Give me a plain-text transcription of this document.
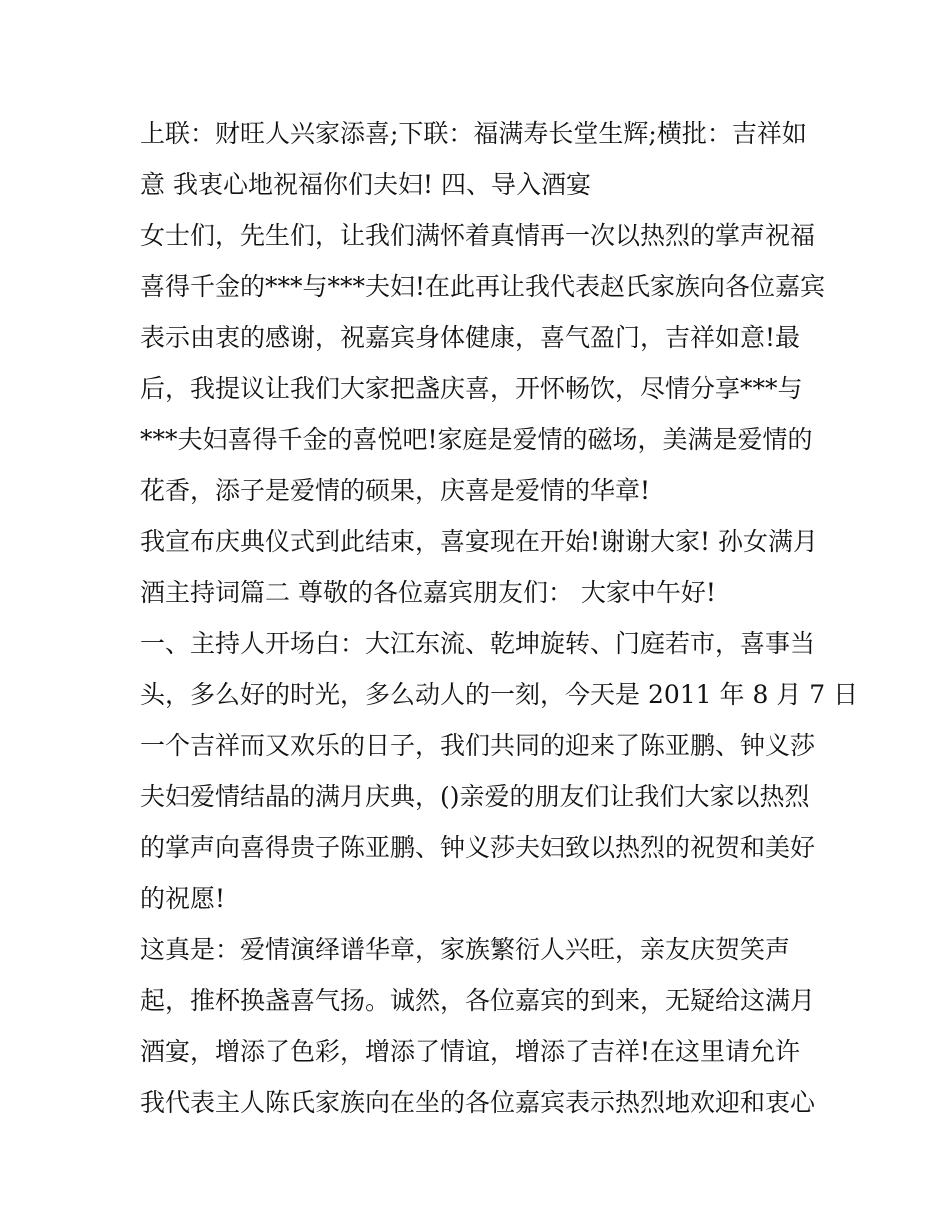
上联：财旺人兴家添喜;下联：福满寿长堂生辉;横批：吉祥如
意 我衷心地祝福你们夫妇! 四、导入酒宴
女士们，先生们，让我们满怀着真情再一次以热烈的掌声祝福
喜得千金的***与***夫妇!在此再让我代表赵氏家族向各位嘉宾
表示由衷的感谢，祝嘉宾身体健康，喜气盈门，吉祥如意!最
后，我提议让我们大家把盏庆喜，开怀畅饮，尽情分享***与
***夫妇喜得千金的喜悦吧!家庭是爱情的磁场，美满是爱情的
花香，添子是爱情的硕果，庆喜是爱情的华章!
我宣布庆典仪式到此结束，喜宴现在开始!谢谢大家! 孙女满月
酒主持词篇二 尊敬的各位嘉宾朋友们： 大家中午好!
一、主持人开场白：大江东流、乾坤旋转、门庭若市，喜事当
头，多么好的时光，多么动人的一刻，今天是 2011 年 8 月 7 日
一个吉祥而又欢乐的日子，我们共同的迎来了陈亚鹏、钟义莎
夫妇爱情结晶的满月庆典，()亲爱的朋友们让我们大家以热烈
的掌声向喜得贵子陈亚鹏、钟义莎夫妇致以热烈的祝贺和美好
的祝愿!
这真是：爱情演绎谱华章，家族繁衍人兴旺，亲友庆贺笑声
起，推杯换盏喜气扬。诚然，各位嘉宾的到来，无疑给这满月
酒宴，增添了色彩，增添了情谊，增添了吉祥!在这里请允许
我代表主人陈氏家族向在坐的各位嘉宾表示热烈地欢迎和衷心
